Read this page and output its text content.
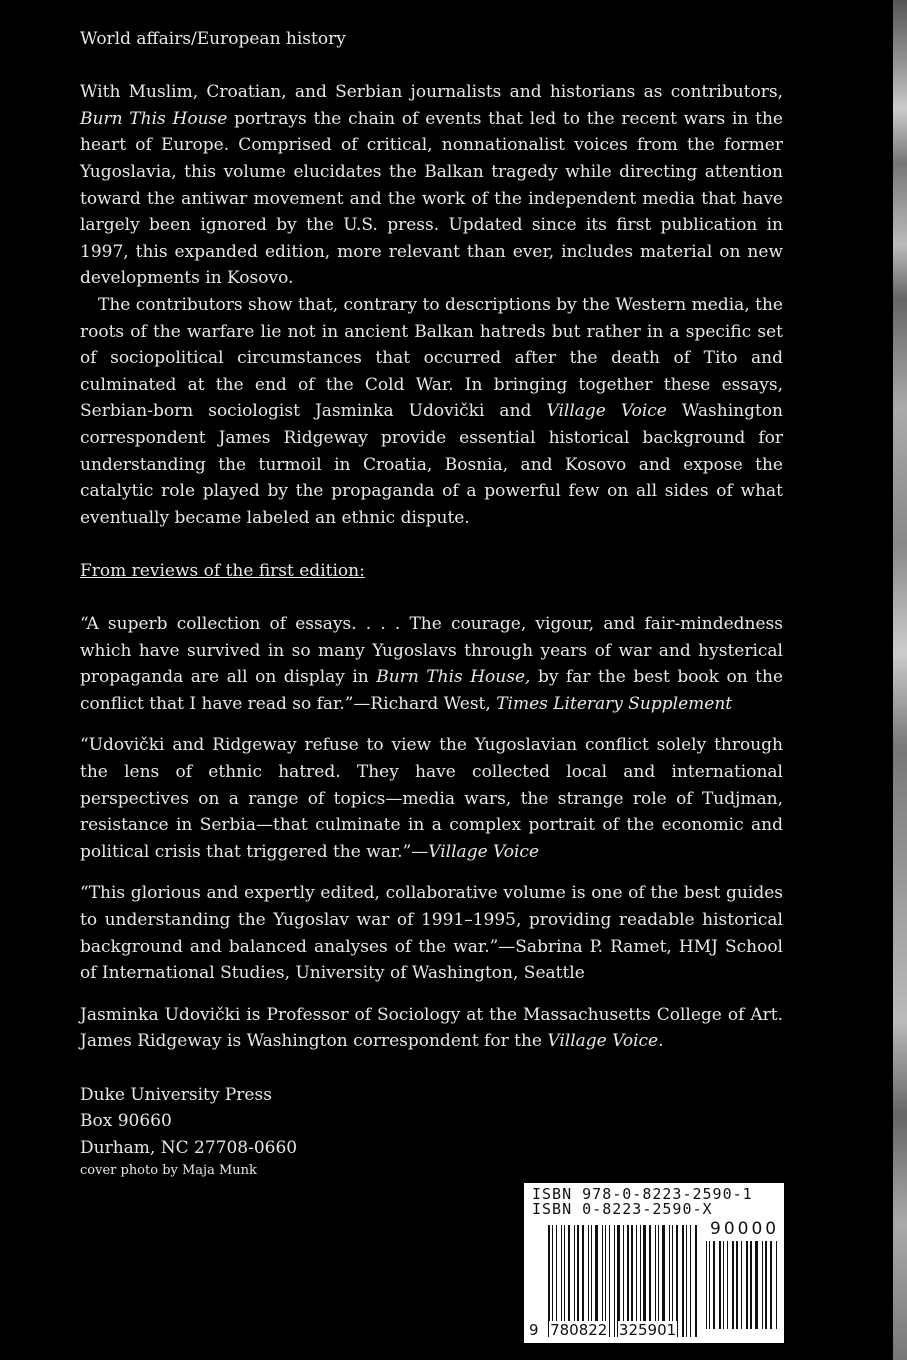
World affairs/European history

With Muslim, Croatian, and Serbian journalists and historians as contributors, Burn This House portrays the chain of events that led to the recent wars in the heart of Europe. Comprised of critical, nonnationalist voices from the former Yugoslavia, this volume elucidates the Balkan tragedy while directing attention toward the antiwar movement and the work of the independent media that have largely been ignored by the U.S. press. Updated since its first publication in 1997, this expanded edition, more relevant than ever, includes material on new developments in Kosovo.

The contributors show that, contrary to descriptions by the Western media, the roots of the warfare lie not in ancient Balkan hatreds but rather in a specific set of sociopolitical circumstances that occurred after the death of Tito and culminated at the end of the Cold War. In bringing together these essays, Serbian-born sociologist Jasminka Udovički and Village Voice Washington correspondent James Ridgeway provide essential historical background for understanding the turmoil in Croatia, Bosnia, and Kosovo and expose the catalytic role played by the propaganda of a powerful few on all sides of what eventually became labeled an ethnic dispute.

From reviews of the first edition:

“A superb collection of essays. . . . The courage, vigour, and fair-mindedness which have survived in so many Yugoslavs through years of war and hysterical propaganda are all on display in Burn This House, by far the best book on the conflict that I have read so far.”—Richard West, Times Literary Supplement

“Udovički and Ridgeway refuse to view the Yugoslavian conflict solely through the lens of ethnic hatred. They have collected local and international perspectives on a range of topics—media wars, the strange role of Tudjman, resistance in Serbia—that culminate in a complex portrait of the economic and political crisis that triggered the war.”—Village Voice

“This glorious and expertly edited, collaborative volume is one of the best guides to understanding the Yugoslav war of 1991–1995, providing readable historical background and balanced analyses of the war.”—Sabrina P. Ramet, HMJ School of International Studies, University of Washington, Seattle

Jasminka Udovički is Professor of Sociology at the Massachusetts College of Art. James Ridgeway is Washington correspondent for the Village Voice.

Duke University Press
Box 90660
Durham, NC 27708-0660
cover photo by Maja Munk
ISBN 978-0-8223-2590-1
ISBN 0-8223-2590-X
90000
9 780822 325901
